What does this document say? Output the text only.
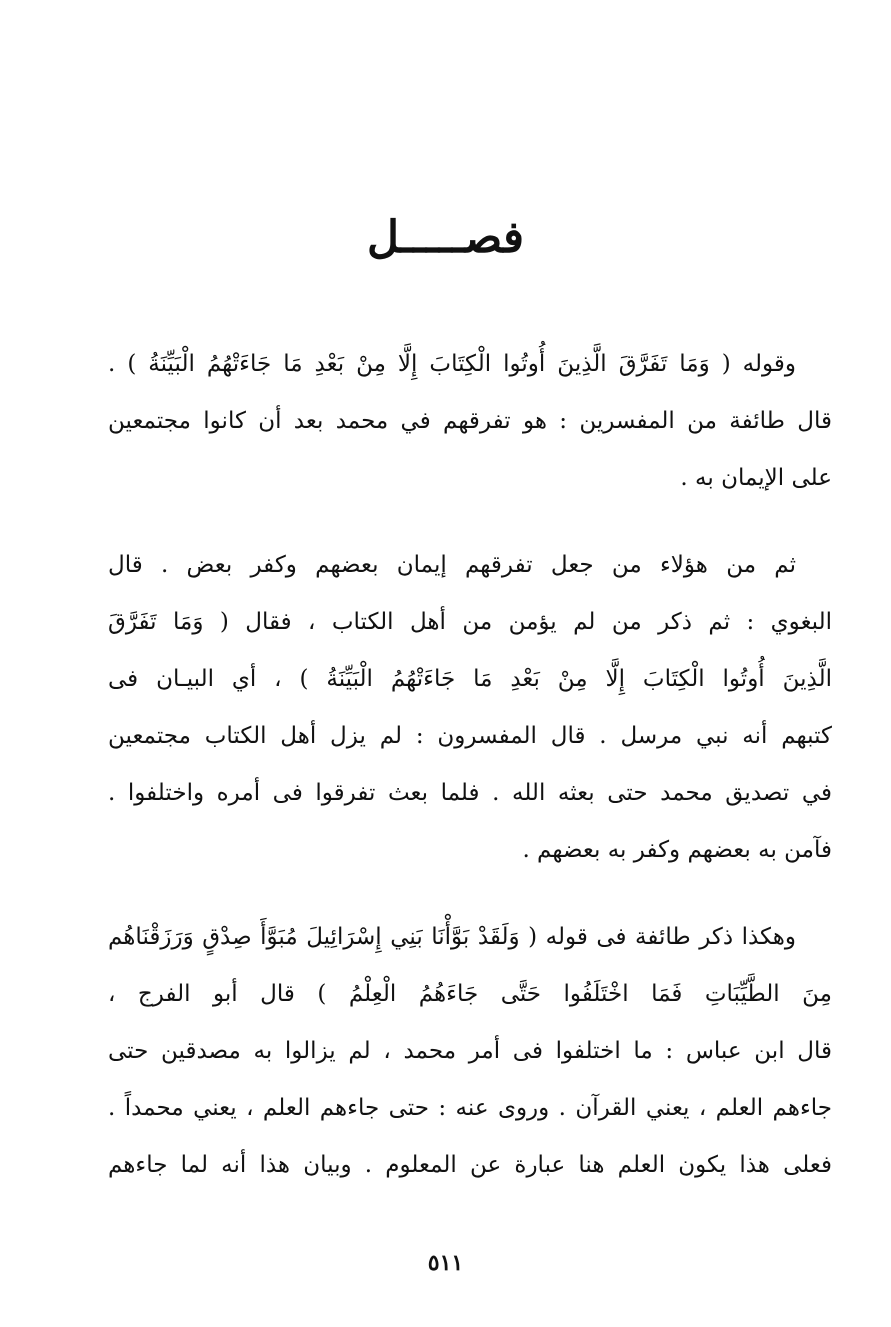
فصـــــل
وقوله ( وَمَا تَفَرَّقَ الَّذِينَ أُوتُوا الْكِتَابَ إِلَّا مِنْ بَعْدِ مَا جَاءَتْهُمُ الْبَيِّنَةُ ) .
قال طائفة من المفسرين : هو تفرقهم في محمد بعد أن كانوا مجتمعين
على الإيمان به .
ثم من هؤلاء من جعل تفرقهم إيمان بعضهم وكفر بعض . قال
البغوي : ثم ذكر من لم يؤمن من أهل الكتاب ، فقال ( وَمَا تَفَرَّقَ
الَّذِينَ أُوتُوا الْكِتَابَ إِلَّا مِنْ بَعْدِ مَا جَاءَتْهُمُ الْبَيِّنَةُ ) ، أي البيـان فى
كتبهم أنه نبي مرسل . قال المفسرون : لم يزل أهل الكتاب مجتمعين
في تصديق محمد حتى بعثه الله . فلما بعث تفرقوا فى أمره واختلفوا .
فآمن به بعضهم وكفر به بعضهم .
وهكذا ذكر طائفة فى قوله ( وَلَقَدْ بَوَّأْنَا بَنِي إِسْرَائِيلَ مُبَوَّأَ صِدْقٍ وَرَزَقْنَاهُم
مِنَ الطَّيِّبَاتِ فَمَا اخْتَلَفُوا حَتَّى جَاءَهُمُ الْعِلْمُ ) قال أبو الفرج ،
قال ابن عباس : ما اختلفوا فى أمر محمد ، لم يزالوا به مصدقين حتى
جاءهم العلم ، يعني القرآن . وروى عنه : حتى جاءهم العلم ، يعني محمداً .
فعلى هذا يكون العلم هنا عبارة عن المعلوم . وبيان هذا أنه لما جاءهم
٥١١
